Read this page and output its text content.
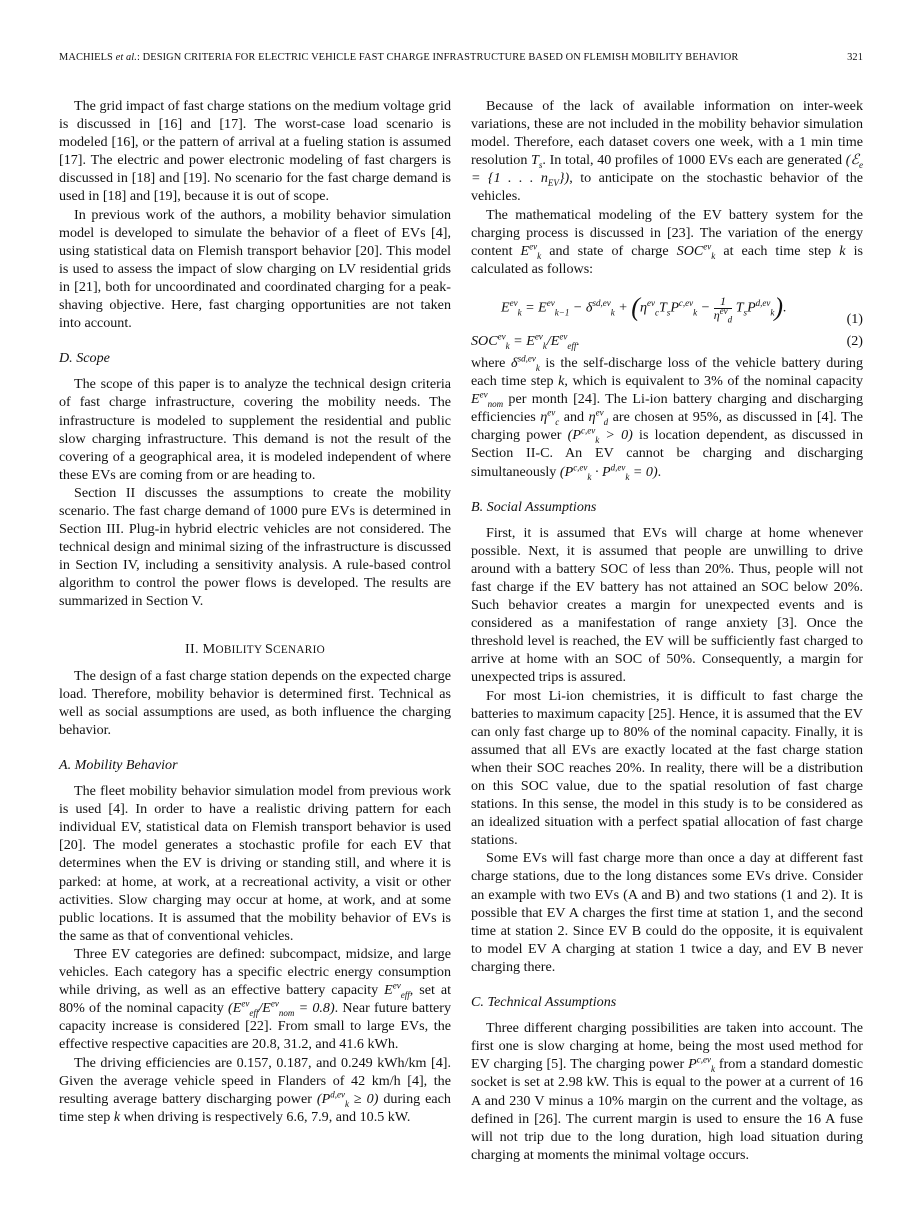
MACHIELS et al.: DESIGN CRITERIA FOR ELECTRIC VEHICLE FAST CHARGE INFRASTRUCTURE BASED ON FLEMISH MOBILITY BEHAVIOR	321

The grid impact of fast charge stations on the medium voltage grid is discussed in [16] and [17]. The worst-case load scenario is modeled [16], or the pattern of arrival at a fueling station is assumed [17]. The electric and power electronic modeling of fast chargers is discussed in [18] and [19]. No scenario for the fast charge demand is used in [18] and [19], because it is out of scope.

In previous work of the authors, a mobility behavior simulation model is developed to simulate the behavior of a fleet of EVs [4], using statistical data on Flemish transport behavior [20]. This model is used to assess the impact of slow charging on LV residential grids in [21], both for uncoordinated and coordinated charging for a peak-shaving objective. Here, fast charging opportunities are not taken into account.

D. Scope

The scope of this paper is to analyze the technical design criteria of fast charge infrastructure, covering the mobility needs. The infrastructure is modeled to supplement the residential and public slow charging infrastructure. This demand is not the result of the covering of a geographical area, it is modeled independent of where these EVs are coming from or are heading to.

Section II discusses the assumptions to create the mobility scenario. The fast charge demand of 1000 pure EVs is determined in Section III. Plug-in hybrid electric vehicles are not considered. The technical design and minimal sizing of the infrastructure is discussed in Section IV, including a sensitivity analysis. A rule-based control algorithm to control the power flows is developed. The results are summarized in Section V.

II. MOBILITY SCENARIO

The design of a fast charge station depends on the expected charge load. Therefore, mobility behavior is determined first. Technical as well as social assumptions are used, as both influence the charging behavior.

A. Mobility Behavior

The fleet mobility behavior simulation model from previous work is used [4]. In order to have a realistic driving pattern for each individual EV, statistical data on Flemish transport behavior is used [20]. The model generates a stochastic profile for each EV that determines when the EV is driving or standing still, and where it is parked: at home, at work, at a recreational activity, a visit or other activities. Slow charging may occur at home, at work, and at some public locations. It is assumed that the mobility behavior of EVs is the same as that of conventional vehicles.

Three EV categories are defined: subcompact, midsize, and large vehicles. Each category has a specific electric energy consumption while driving, as well as an effective battery capacity $E^{ev}_{eff}$, set at 80% of the nominal capacity $(E^{ev}_{eff}/E^{ev}_{nom} = 0.8)$. Near future battery capacity increase is considered [22]. From small to large EVs, the effective respective capacities are 20.8, 31.2, and 41.6 kWh.

The driving efficiencies are 0.157, 0.187, and 0.249 kWh/km [4]. Given the average vehicle speed in Flanders of 42 km/h [4], the resulting average battery discharging power $(P^{d,ev}_k \ge 0)$ during each time step k when driving is respectively 6.6, 7.9, and 10.5 kW.

Because of the lack of available information on inter-week variations, these are not included in the mobility behavior simulation model. Therefore, each dataset covers one week, with a 1 min time resolution $T_s$. In total, 40 profiles of 1000 EVs each are generated (ℰ$_e$ = {1 . . . $n_{EV}$}), to anticipate on the stochastic behavior of the vehicles.

The mathematical modeling of the EV battery system for the charging process is discussed in [23]. The variation of the energy content $E^{ev}_k$ and state of charge $SOC^{ev}_k$ at each time step k is calculated as follows:

$E^{ev}_k = E^{ev}_{k-1} - \delta^{sd,ev}_k + (\eta^{ev}_cT_sP^{c,ev}_k - 1$
$\eta^{ev}_d$
$T_sP^{d,ev}_k$).
(1)
$SOC^{ev}_k = E^{ev}_k/E^{ev}_{eff}$.	(2)

where $\delta^{sd,ev}_k$ is the self-discharge loss of the vehicle battery during each time step k, which is equivalent to 3% of the nominal capacity $E^{ev}_{nom}$ per month [24]. The Li-ion battery charging and discharging efficiencies $\eta^{ev}_c$ and $\eta^{ev}_d$ are chosen at 95%, as discussed in [4]. The charging power $(P^{c,ev}_k > 0)$ is location dependent, as discussed in Section II-C. An EV cannot be charging and discharging simultaneously $(P^{c,ev}_k \cdot P^{d,ev}_k = 0)$.

B. Social Assumptions

First, it is assumed that EVs will charge at home whenever possible. Next, it is assumed that people are unwilling to drive around with a battery SOC of less than 20%. Thus, people will not fast charge if the EV battery has not attained an SOC below 20%. Such behavior creates a margin for unexpected events and is considered as a manifestation of range anxiety [3]. Once the threshold level is reached, the EV will be sufficiently fast charged to arrive at home with an SOC of 50%. Consequently, a margin for unexpected trips is assured.

For most Li-ion chemistries, it is difficult to fast charge the batteries to maximum capacity [25]. Hence, it is assumed that the EV can only fast charge up to 80% of the nominal capacity. Finally, it is assumed that all EVs are exactly located at the fast charge station when their SOC reaches 20%. In reality, there will be a distribution on this SOC value, due to the spatial resolution of fast charge stations. In this sense, the model in this study is to be considered as an idealized situation with a perfect spatial allocation of fast charge stations.

Some EVs will fast charge more than once a day at different fast charge stations, due to the long distances some EVs drive. Consider an example with two EVs (A and B) and two stations (1 and 2). It is possible that EV A charges the first time at station 1, and the second time at station 2. Since EV B could do the opposite, it is equivalent to model EV A charging at station 1 twice a day, and EV B never charging there.

C. Technical Assumptions

Three different charging possibilities are taken into account. The first one is slow charging at home, being the most used method for EV charging [5]. The charging power $P^{c,ev}_k$ from a standard domestic socket is set at 2.98 kW. This is equal to the power at a current of 16 A and 230 V minus a 10% margin on the current and the voltage, as defined in [26]. The current margin is used to ensure the 16 A fuse will not trip due to the long duration, high load situation during charging at moments the minimal voltage occurs.
